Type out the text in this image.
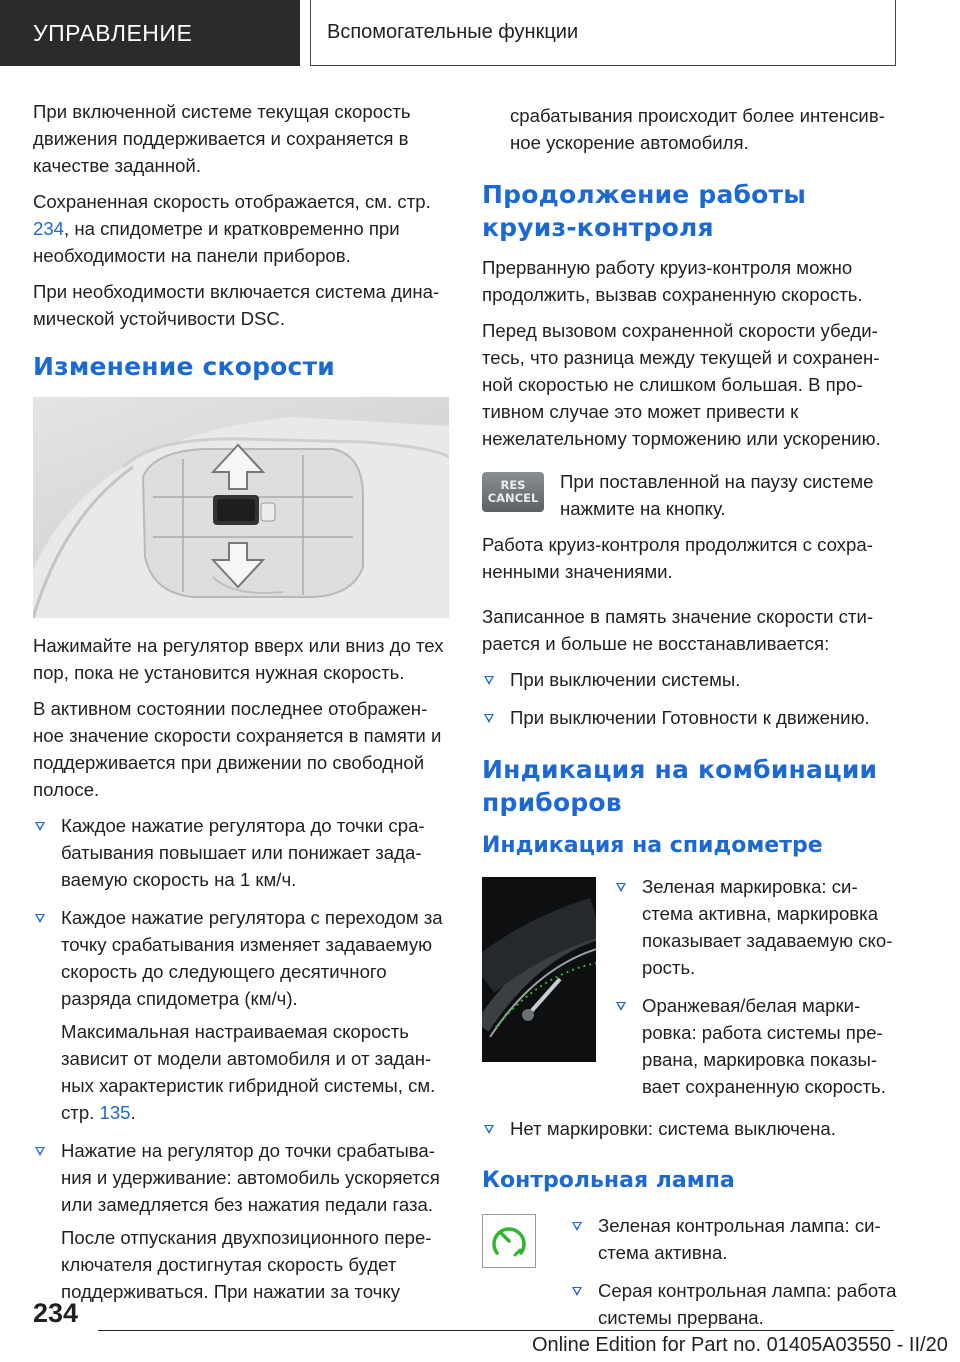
УПРАВЛЕНИЕ	Вспомогательные функции

При включенной системе текущая скорость движения поддерживается и сохраняется в качестве заданной.

Сохраненная скорость отображается, см. стр. 234, на спидометре и кратковременно при необходимости на панели приборов.

При необходимости включается система динамической устойчивости DSC.

Изменение скорости

Нажимайте на регулятор вверх или вниз до тех пор, пока не установится нужная скорость.

В активном состоянии последнее отображенное значение скорости сохраняется в памяти и поддерживается при движении по свободной полосе.

Каждое нажатие регулятора до точки срабатывания повышает или понижает задаваемую скорость на 1 км/ч.
Каждое нажатие регулятора с переходом за точку срабатывания изменяет задаваемую скорость до следующего десятичного разряда спидометра (км/ч).
Максимальная настраиваемая скорость зависит от модели автомобиля и от заданных характеристик гибридной системы, см. стр. 135.
Нажатие на регулятор до точки срабатывания и удерживание: автомобиль ускоряется или замедляется без нажатия педали газа.
После отпускания двухпозиционного переключателя достигнутая скорость будет поддерживаться. При нажатии за точку

срабатывания происходит более интенсивное ускорение автомобиля.

Продолжение работы круиз-контроля

Прерванную работу круиз-контроля можно продолжить, вызвав сохраненную скорость.

Перед вызовом сохраненной скорости убедитесь, что разница между текущей и сохраненной скоростью не слишком большая. В противном случае это может привести к нежелательному торможению или ускорению.

RES
CANCEL

При поставленной на паузу системе нажмите на кнопку.

Работа круиз-контроля продолжится с сохраненными значениями.

Записанное в память значение скорости стирается и больше не восстанавливается:

При выключении системы.
При выключении Готовности к движению.
Индикация на комбинации приборов
Индикация на спидометре
Зеленая маркировка: система активна, маркировка показывает задаваемую скорость.
Оранжевая/белая маркировка: работа системы прервана, маркировка показывает сохраненную скорость.
Нет маркировки: система выключена.
Контрольная лампа
Зеленая контрольная лампа: система активна.
Серая контрольная лампа: работа системы прервана.
234
Online Edition for Part no. 01405A03550 - II/20
